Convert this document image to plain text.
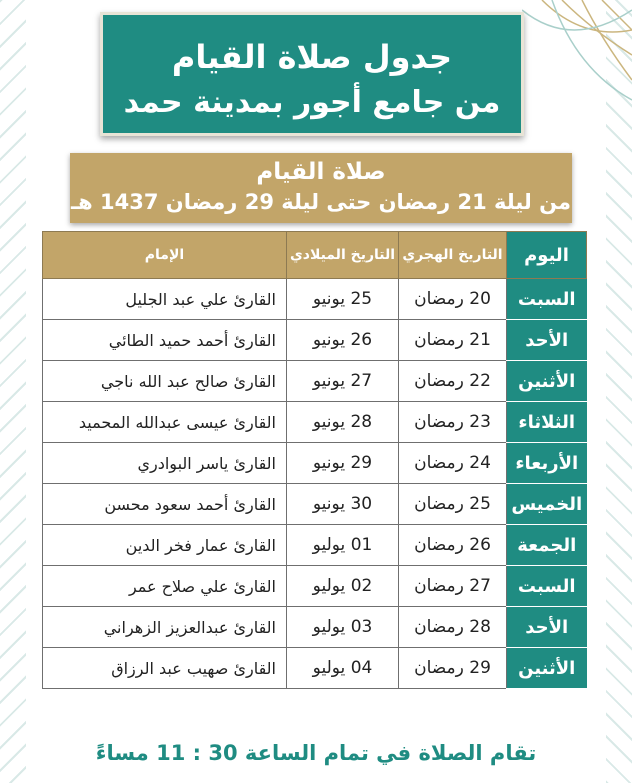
جدول صلاة القيام
من جامع أجور بمدينة حمد
صلاة القيام
من ليلة 21 رمضان حتى ليلة 29 رمضان 1437 هـ
اليوم	التاريخ الهجري	التاريخ الميلادي	الإمام
السبت	20 رمضان	25 يونيو	القارئ علي عبد الجليل
الأحد	21 رمضان	26 يونيو	القارئ أحمد حميد الطائي
الأثنين	22 رمضان	27 يونيو	القارئ صالح عبد الله ناجي
الثلاثاء	23 رمضان	28 يونيو	القارئ عيسى عبدالله المحميد
الأربعاء	24 رمضان	29 يونيو	القارئ ياسر البوادري
الخميس	25 رمضان	30 يونيو	القارئ أحمد سعود محسن
الجمعة	26 رمضان	01 يوليو	القارئ عمار فخر الدين
السبت	27 رمضان	02 يوليو	القارئ علي صلاح عمر
الأحد	28 رمضان	03 يوليو	القارئ عبدالعزيز الزهراني
الأثنين	29 رمضان	04 يوليو	القارئ صهيب عبد الرزاق
تقام الصلاة في تمام الساعة 30 : 11 مساءً
